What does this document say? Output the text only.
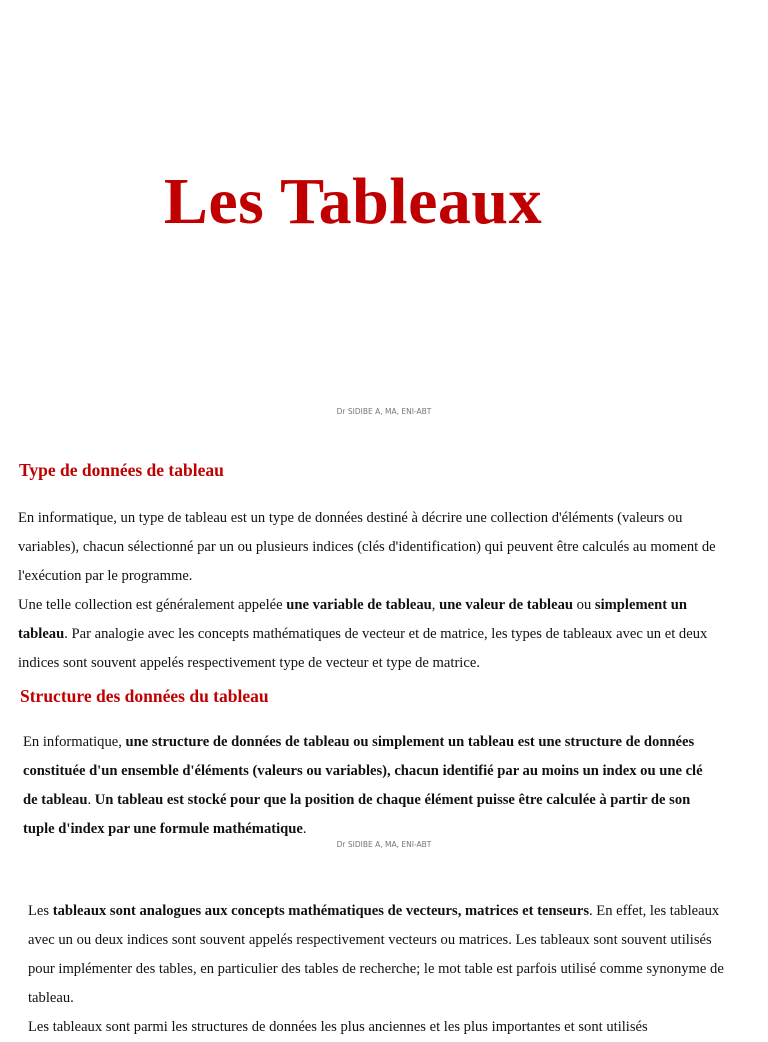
Les Tableaux
Dr SIDIBE A, MA, ENI-ABT
Type de données de tableau

En informatique, un type de tableau est un type de données destiné à décrire une collection d'éléments (valeurs ou variables), chacun sélectionné par un ou plusieurs indices (clés d'identification) qui peuvent être calculés au moment de l'exécution par le programme.

Une telle collection est généralement appelée une variable de tableau, une valeur de tableau ou simplement un tableau. Par analogie avec les concepts mathématiques de vecteur et de matrice, les types de tableaux avec un et deux indices sont souvent appelés respectivement type de vecteur et type de matrice.

Structure des données du tableau

En informatique, une structure de données de tableau ou simplement un tableau est une structure de données constituée d'un ensemble d'éléments (valeurs ou variables), chacun identifié par au moins un index ou une clé de tableau. Un tableau est stocké pour que la position de chaque élément puisse être calculée à partir de son tuple d'index par une formule mathématique.

Dr SIDIBE A, MA, ENI-ABT

Les tableaux sont analogues aux concepts mathématiques de vecteurs, matrices et tenseurs. En effet, les tableaux avec un ou deux indices sont souvent appelés respectivement vecteurs ou matrices. Les tableaux sont souvent utilisés pour implémenter des tables, en particulier des tables de recherche; le mot table est parfois utilisé comme synonyme de tableau.

Les tableaux sont parmi les structures de données les plus anciennes et les plus importantes et sont utilisés
